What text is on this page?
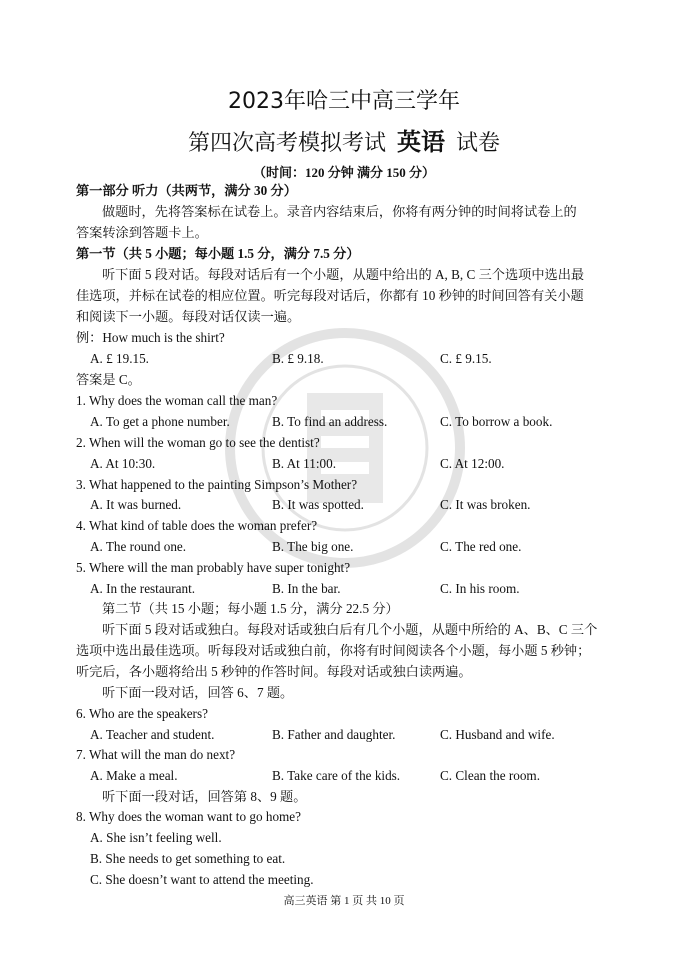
2023年哈三中高三学年
第四次高考模拟考试 英语 试卷
（时间：120 分钟 满分 150 分）
第一部分 听力（共两节，满分 30 分）
做题时，先将答案标在试卷上。录音内容结束后，你将有两分钟的时间将试卷上的
答案转涂到答题卡上。
第一节（共 5 小题；每小题 1.5 分，满分 7.5 分）
听下面 5 段对话。每段对话后有一个小题，从题中给出的 A, B, C 三个选项中选出最
佳选项，并标在试卷的相应位置。听完每段对话后，你都有 10 秒钟的时间回答有关小题
和阅读下一小题。每段对话仅读一遍。
例：How much is the shirt?
A. £ 19.15.	B. £ 9.18.	C. £ 9.15.
答案是 C。
1. Why does the woman call the man?
A. To get a phone number.	B. To find an address.	C. To borrow a book.
2. When will the woman go to see the dentist?
A. At 10:30.	B. At 11:00.	C. At 12:00.
3. What happened to the painting Simpson’s Mother?
A. It was burned.	B. It was spotted.	C. It was broken.
4. What kind of table does the woman prefer?
A. The round one.	B. The big one.	C. The red one.
5. Where will the man probably have super tonight?
A. In the restaurant.	B. In the bar.	C. In his room.
第二节（共 15 小题；每小题 1.5 分，满分 22.5 分）
听下面 5 段对话或独白。每段对话或独白后有几个小题，从题中所给的 A、B、C 三个
选项中选出最佳选项。听每段对话或独白前，你将有时间阅读各个小题，每小题 5 秒钟；
听完后，各小题将给出 5 秒钟的作答时间。每段对话或独白读两遍。
听下面一段对话，回答 6、7 题。
6. Who are the speakers?
A. Teacher and student.	B. Father and daughter.	C. Husband and wife.
7. What will the man do next?
A. Make a meal.	B. Take care of the kids.	C. Clean the room.
听下面一段对话，回答第 8、9 题。
8. Why does the woman want to go home?
A. She isn’t feeling well.
B. She needs to get something to eat.
C. She doesn’t want to attend the meeting.
高三英语 第 1 页 共 10 页
